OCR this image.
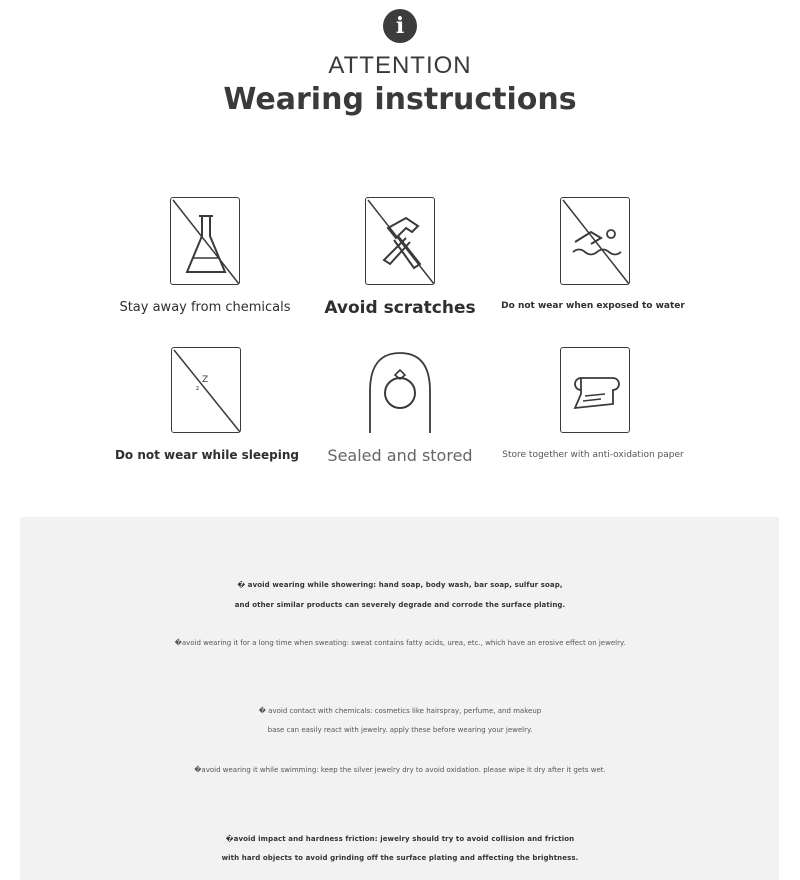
i
ATTENTION
Wearing instructions
Stay away from chemicals	Avoid scratches	Do not wear when exposed to water
Z
z
Do not wear while sleeping	Sealed and stored	Store together with anti-oxidation paper
� avoid wearing while showering: hand soap, body wash, bar soap, sulfur soap,
and other similar products can severely degrade and corrode the surface plating.
�avoid wearing it for a long time when sweating: sweat contains fatty acids, urea, etc., which have an erosive effect on jewelry.
� avoid contact with chemicals: cosmetics like hairspray, perfume, and makeup
base can easily react with jewelry. apply these before wearing your jewelry.
�avoid wearing it while swimming: keep the silver jewelry dry to avoid oxidation. please wipe it dry after it gets wet.
�avoid impact and hardness friction: jewelry should try to avoid collision and friction
with hard objects to avoid grinding off the surface plating and affecting the brightness.
